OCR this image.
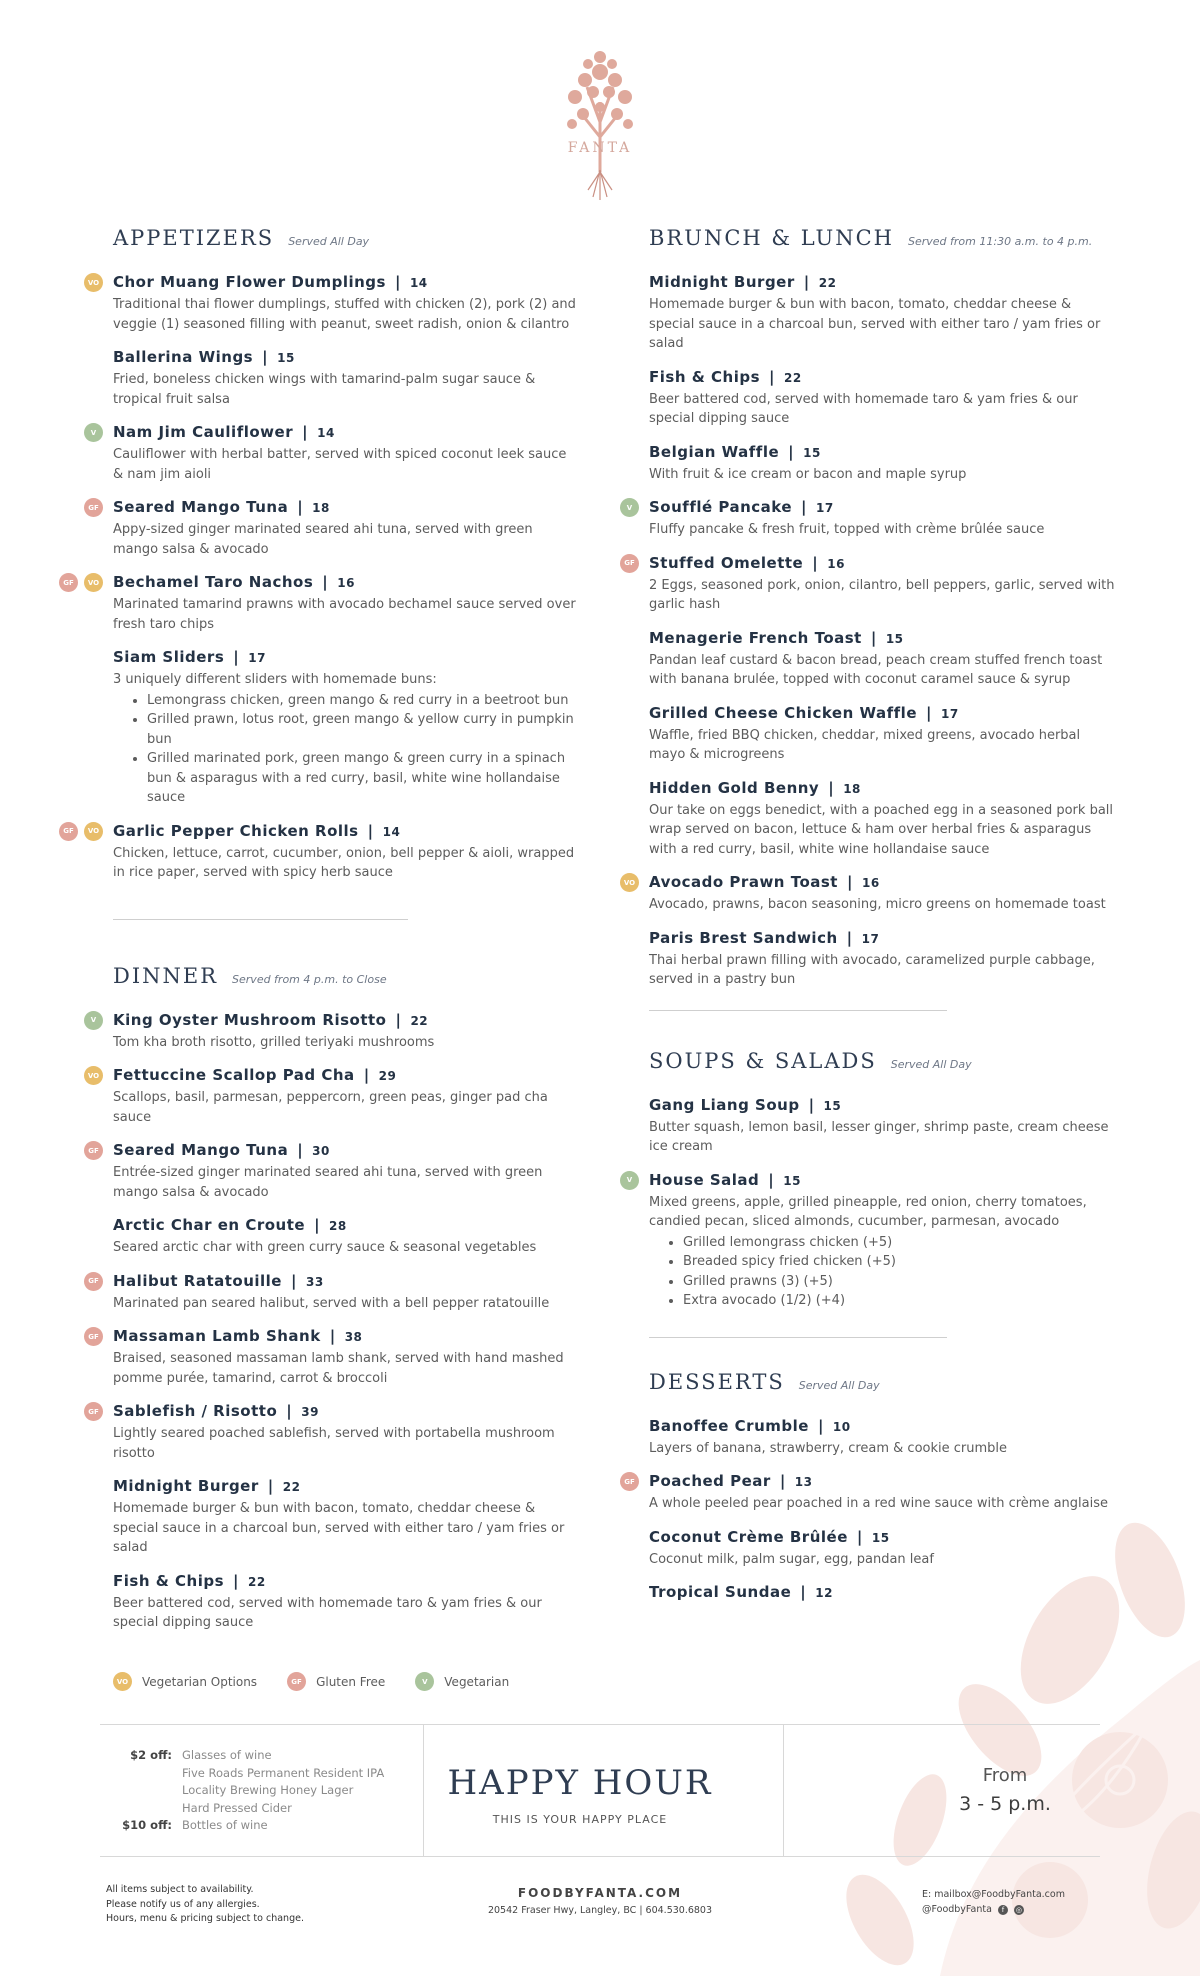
FANTA
APPETIZERS Served All Day
VO Chor Muang Flower Dumplings | 14
Traditional thai flower dumplings, stuffed with chicken (2), pork (2) and veggie (1) seasoned filling with peanut, sweet radish, onion & cilantro
Ballerina Wings | 15
Fried, boneless chicken wings with tamarind-palm sugar sauce & tropical fruit salsa
V	Nam Jim Cauliflower | 14
Cauliflower with herbal batter, served with spiced coconut leek sauce & nam jim aioli
GF Seared Mango Tuna | 18
Appy-sized ginger marinated seared ahi tuna, served with green mango salsa & avocado
GF	VO Bechamel Taro Nachos | 16
Marinated tamarind prawns with avocado bechamel sauce served over fresh taro chips
Siam Sliders | 17
3 uniquely different sliders with homemade buns:
• Lemongrass chicken, green mango & red curry in a beetroot bun
• Grilled prawn, lotus root, green mango & yellow curry in pumpkin bun
• Grilled marinated pork, green mango & green curry in a spinach bun & asparagus with a red curry, basil, white wine hollandaise sauce
GF	VO Garlic Pepper Chicken Rolls | 14
Chicken, lettuce, carrot, cucumber, onion, bell pepper & aioli, wrapped in rice paper, served with spicy herb sauce
DINNER Served from 4 p.m. to Close
V	King Oyster Mushroom Risotto | 22
Tom kha broth risotto, grilled teriyaki mushrooms
VO Fettuccine Scallop Pad Cha | 29
Scallops, basil, parmesan, peppercorn, green peas, ginger pad cha sauce
GF Seared Mango Tuna | 30
Entrée-sized ginger marinated seared ahi tuna, served with green mango salsa & avocado
Arctic Char en Croute | 28
Seared arctic char with green curry sauce & seasonal vegetables
GF Halibut Ratatouille | 33
Marinated pan seared halibut, served with a bell pepper ratatouille
GF Massaman Lamb Shank | 38
Braised, seasoned massaman lamb shank, served with hand mashed pomme purée, tamarind, carrot & broccoli
GF Sablefish / Risotto | 39
Lightly seared poached sablefish, served with portabella mushroom risotto
Midnight Burger | 22
Homemade burger & bun with bacon, tomato, cheddar cheese & special sauce in a charcoal bun, served with either taro / yam fries or salad
Fish & Chips | 22
Beer battered cod, served with homemade taro & yam fries & our special dipping sauce
BRUNCH & LUNCH Served from 11:30 a.m. to 4 p.m.
Midnight Burger | 22
Homemade burger & bun with bacon, tomato, cheddar cheese & special sauce in a charcoal bun, served with either taro / yam fries or salad
Fish & Chips | 22
Beer battered cod, served with homemade taro & yam fries & our special dipping sauce
Belgian Waffle | 15
With fruit & ice cream or bacon and maple syrup
V	Soufflé Pancake | 17
Fluffy pancake & fresh fruit, topped with crème brûlée sauce
GF Stuffed Omelette | 16
2 Eggs, seasoned pork, onion, cilantro, bell peppers, garlic, served with garlic hash
Menagerie French Toast | 15
Pandan leaf custard & bacon bread, peach cream stuffed french toast with banana brulée, topped with coconut caramel sauce & syrup
Grilled Cheese Chicken Waffle | 17
Waffle, fried BBQ chicken, cheddar, mixed greens, avocado herbal mayo & microgreens
Hidden Gold Benny | 18
Our take on eggs benedict, with a poached egg in a seasoned pork ball wrap served on bacon, lettuce & ham over herbal fries & asparagus with a red curry, basil, white wine hollandaise sauce
VO Avocado Prawn Toast | 16
Avocado, prawns, bacon seasoning, micro greens on homemade toast
Paris Brest Sandwich | 17
Thai herbal prawn filling with avocado, caramelized purple cabbage, served in a pastry bun
SOUPS & SALADS Served All Day
Gang Liang Soup | 15
Butter squash, lemon basil, lesser ginger, shrimp paste, cream cheese ice cream
V	House Salad | 15
Mixed greens, apple, grilled pineapple, red onion, cherry tomatoes, candied pecan, sliced almonds, cucumber, parmesan, avocado
• Grilled lemongrass chicken (+5)
• Breaded spicy fried chicken (+5)
• Grilled prawns (3) (+5)
• Extra avocado (1/2) (+4)
DESSERTS Served All Day
Banoffee Crumble | 10
Layers of banana, strawberry, cream & cookie crumble
GF Poached Pear | 13
A whole peeled pear poached in a red wine sauce with crème anglaise
Coconut Crème Brûlée | 15
Coconut milk, palm sugar, egg, pandan leaf
Tropical Sundae | 12
VO	Vegetarian Options	GF	Gluten Free	V	Vegetarian
$2 off: Glasses of wine
Five Roads Permanent Resident IPA
Locality Brewing Honey Lager
Hard Pressed Cider
$10 off: Bottles of wine
HAPPY HOUR
THIS IS YOUR HAPPY PLACE
From
3 - 5 p.m.
All items subject to availability.
Please notify us of any allergies.
Hours, menu & pricing subject to change.
FOODBYFANTA.COM
20542 Fraser Hwy, Langley, BC | 604.530.6803
E: mailbox@FoodbyFanta.com
@FoodbyFanta f ◎
